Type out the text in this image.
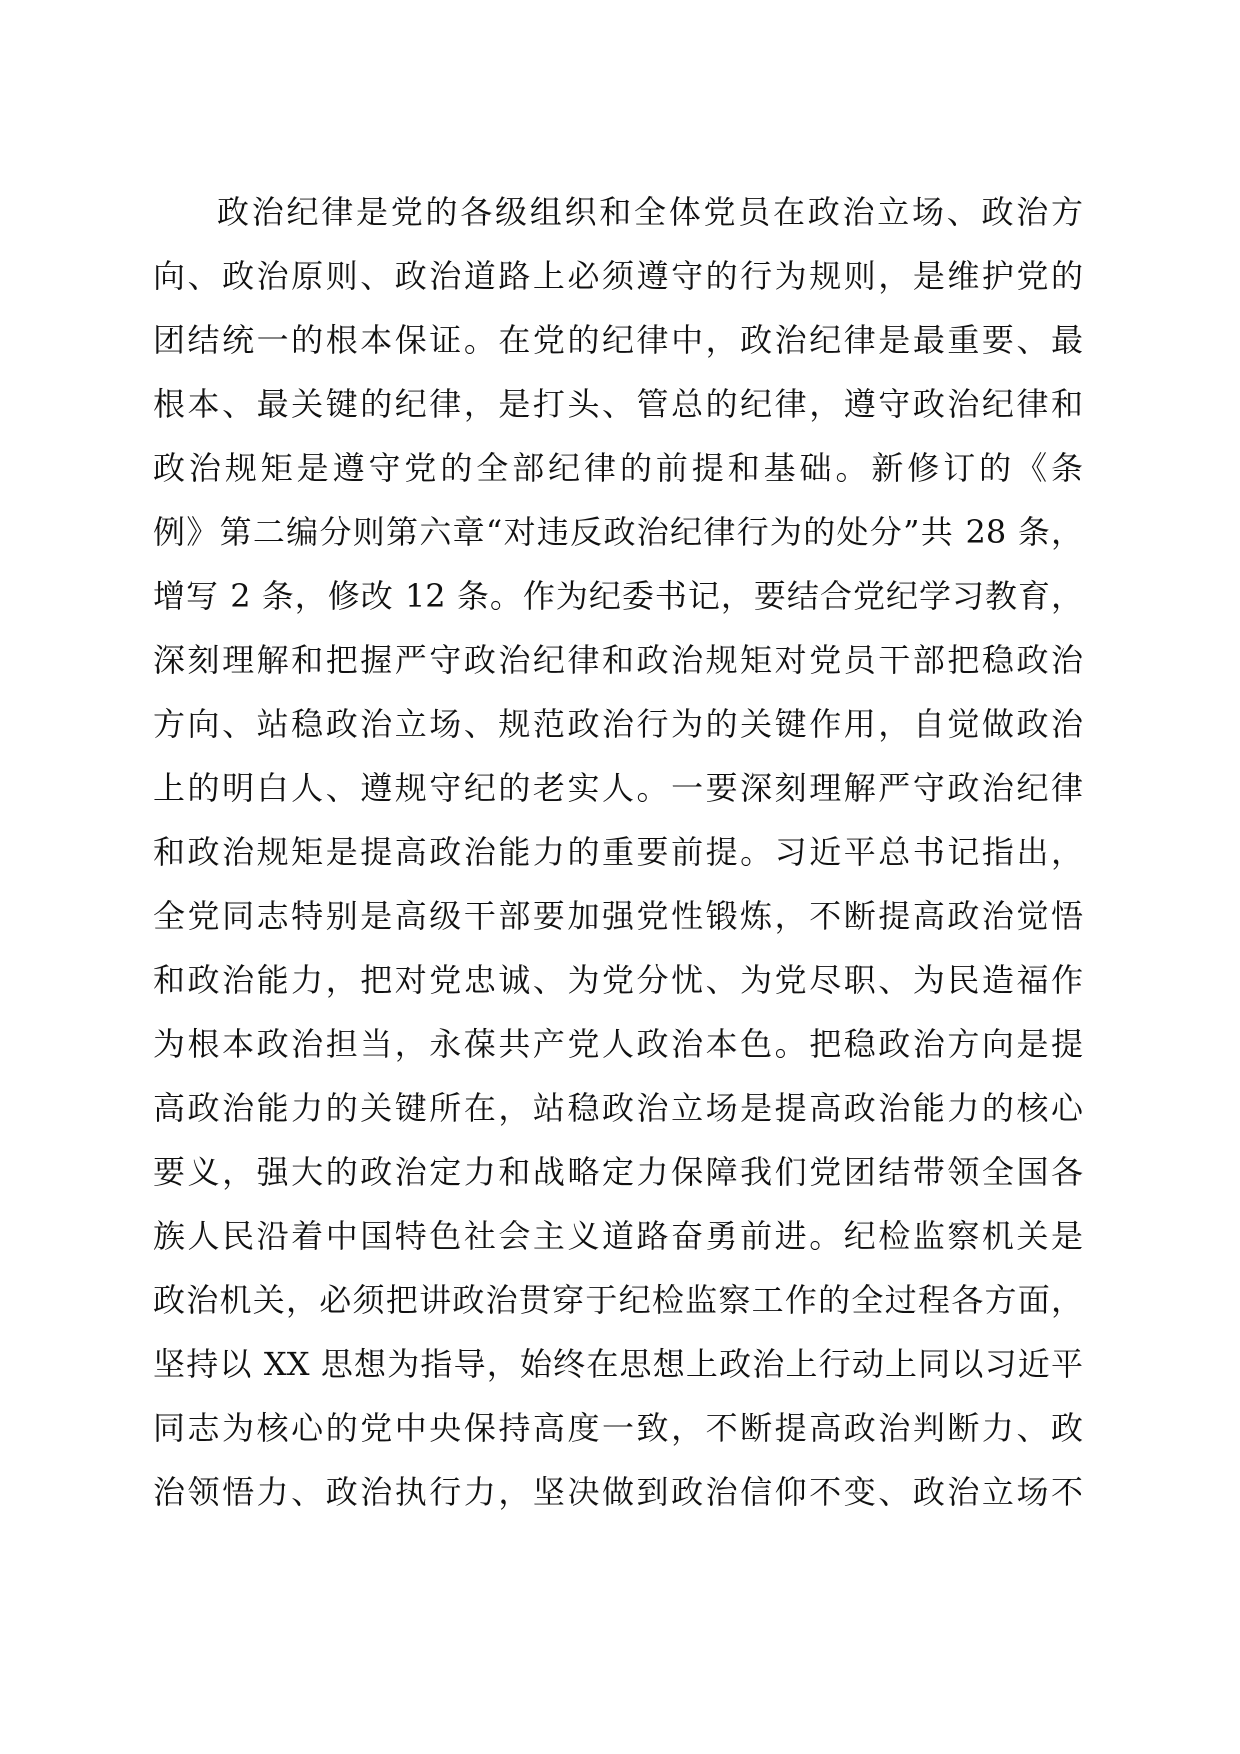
政治纪律是党的各级组织和全体党员在政治立场、政治方
向、政治原则、政治道路上必须遵守的行为规则，是维护党的
团结统一的根本保证。在党的纪律中，政治纪律是最重要、最
根本、最关键的纪律，是打头、管总的纪律，遵守政治纪律和
政治规矩是遵守党的全部纪律的前提和基础。新修订的《条
例》第二编分则第六章“对违反政治纪律行为的处分”共 28 条，
增写 2 条，修改 12 条。作为纪委书记，要结合党纪学习教育，
深刻理解和把握严守政治纪律和政治规矩对党员干部把稳政治
方向、站稳政治立场、规范政治行为的关键作用，自觉做政治
上的明白人、遵规守纪的老实人。一要深刻理解严守政治纪律
和政治规矩是提高政治能力的重要前提。习近平总书记指出，
全党同志特别是高级干部要加强党性锻炼，不断提高政治觉悟
和政治能力，把对党忠诚、为党分忧、为党尽职、为民造福作
为根本政治担当，永葆共产党人政治本色。把稳政治方向是提
高政治能力的关键所在，站稳政治立场是提高政治能力的核心
要义，强大的政治定力和战略定力保障我们党团结带领全国各
族人民沿着中国特色社会主义道路奋勇前进。纪检监察机关是
政治机关，必须把讲政治贯穿于纪检监察工作的全过程各方面，
坚持以 XX 思想为指导，始终在思想上政治上行动上同以习近平
同志为核心的党中央保持高度一致，不断提高政治判断力、政
治领悟力、政治执行力，坚决做到政治信仰不变、政治立场不
